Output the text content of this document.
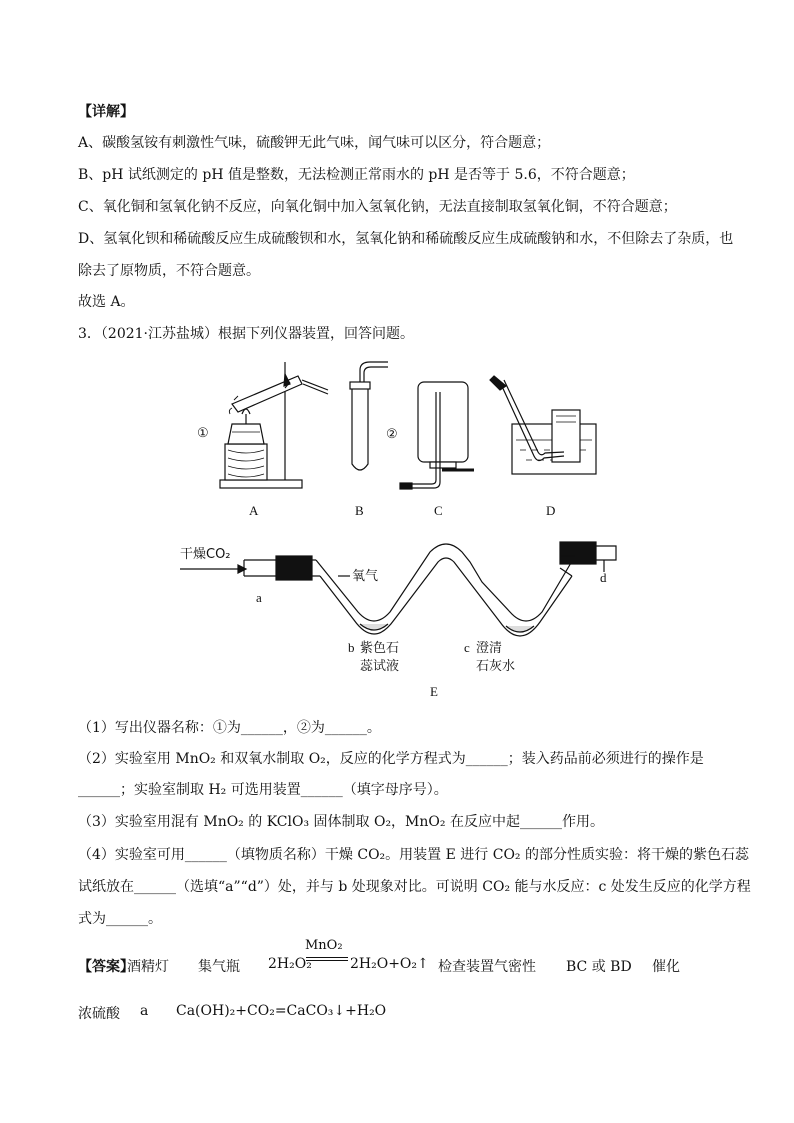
【详解】
A、碳酸氢铵有刺激性气味，硫酸钾无此气味，闻气味可以区分，符合题意；
B、pH 试纸测定的 pH 值是整数，无法检测正常雨水的 pH 是否等于 5.6，不符合题意；
C、氧化铜和氢氧化钠不反应，向氧化铜中加入氢氧化钠，无法直接制取氢氧化铜，不符合题意；
D、氢氧化钡和稀硫酸反应生成硫酸钡和水，氢氧化钠和稀硫酸反应生成硫酸钠和水，不但除去了杂质，也
除去了原物质，不符合题意。
故选 A。
3．（2021·江苏盐城）根据下列仪器装置，回答问题。
①	②
A	B	C	D
干燥CO₂
氧气
a
d
b 紫色石
蕊试液
c 澄清
石灰水
E
（1）写出仪器名称：①为______，②为______。
（2）实验室用 MnO₂ 和双氧水制取 O₂，反应的化学方程式为______；装入药品前必须进行的操作是
______；实验室制取 H₂ 可选用装置______（填字母序号）。
（3）实验室用混有 MnO₂ 的 KClO₃ 固体制取 O₂，MnO₂ 在反应中起______作用。
（4）实验室可用______（填物质名称）干燥 CO₂。用装置 E 进行 CO₂ 的部分性质实验：将干燥的紫色石蕊
试纸放在______（选填“a”“d”）处，并与 b 处现象对比。可说明 CO₂ 能与水反应：c 处发生反应的化学方程
式为______。
【答案】
酒精灯 集气瓶 2H₂O₂
MnO₂
2H₂O+O₂↑ 检查装置气密性 BC 或 BD 催化
浓硫酸 a Ca(OH)₂+CO₂=CaCO₃↓+H₂O
